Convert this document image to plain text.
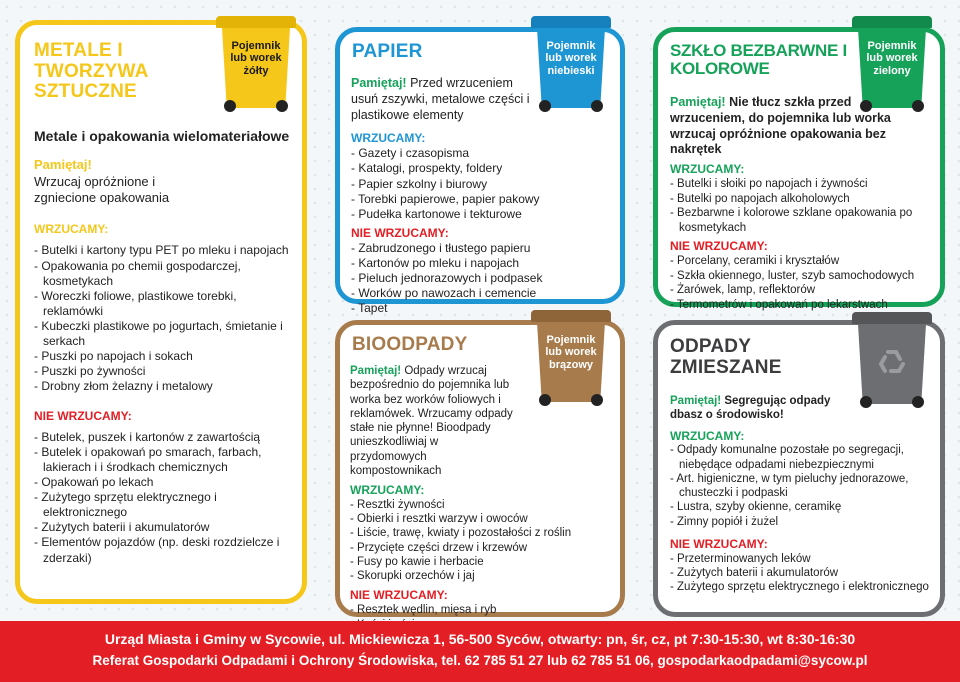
METALE I TWORZYWA SZTUCZNE
Pojemnik lub worek żółty
Metale i opakowania wielomateriałowe
Pamiętaj!
Wrzucaj opróżnione i zgniecione opakowania
WRZUCAMY:
- Butelki i kartony typu PET po mleku i napojach
- Opakowania po chemii gospodarczej, kosmetykach
- Woreczki foliowe, plastikowe torebki, reklamówki
- Kubeczki plastikowe po jogurtach, śmietanie i serkach
- Puszki po napojach i sokach
- Puszki po żywności
- Drobny złom żelazny i metalowy
NIE WRZUCAMY:
- Butelek, puszek i kartonów z zawartością
- Butelek i opakowań po smarach, farbach, lakierach i i środkach chemicznych
- Opakowań po lekach
- Zużytego sprzętu elektrycznego i elektronicznego
- Zużytych baterii i akumulatorów
- Elementów pojazdów (np. deski rozdzielcze i zderzaki)
PAPIER	Pojemnik lub worek niebieski
Pamiętaj! Przed wrzuceniem usuń zszywki, metalowe części i plastikowe elementy
WRZUCAMY:
- Gazety i czasopisma
- Katalogi, prospekty, foldery
- Papier szkolny i biurowy
- Torebki papierowe, papier pakowy
- Pudełka kartonowe i tekturowe
NIE WRZUCAMY:
- Zabrudzonego i tłustego papieru
- Kartonów po mleku i napojach
- Pieluch jednorazowych i podpasek
- Worków po nawozach i cemencie
- Tapet
SZKŁO BEZBARWNE I KOLOROWE
Pojemnik lub worek zielony
Pamiętaj! Nie tłucz szkła przed wrzuceniem, do pojemnika lub worka wrzucaj opróżnione opakowania bez nakrętek
WRZUCAMY:
- Butelki i słoiki po napojach i żywności
- Butelki po napojach alkoholowych
- Bezbarwne i kolorowe szklane opakowania po kosmetykach
NIE WRZUCAMY:
- Porcelany, ceramiki i kryształów
- Szkła okiennego, luster, szyb samochodowych
- Żarówek, lamp, reflektorów
- Termometrów i opakowań po lekarstwach
BIOODPADY	Pojemnik lub worek brązowy
Pamiętaj! Odpady wrzucaj bezpośrednio do pojemnika lub worka bez worków foliowych i reklamówek. Wrzucamy odpady stałe nie płynne! Bioodpady unieszkodliwiaj w przydomowych kompostownikach
WRZUCAMY:
- Resztki żywności
- Obierki i resztki warzyw i owoców
- Liście, trawę, kwiaty i pozostałości z roślin
- Przycięte części drzew i krzewów
- Fusy po kawie i herbacie
- Skorupki orzechów i jaj
NIE WRZUCAMY:
- Resztek wędlin, mięsa i ryb
-
ODPADY ZMIESZANE
Pamiętaj! Segregując odpady dbasz o środowisko!
WRZUCAMY:
- Odpady komunalne pozostałe po segregacji, niebędące odpadami niebezpiecznymi
- Art. higieniczne, w tym pieluchy jednorazowe, chusteczki i podpaski
- Lustra, szyby okienne, ceramikę
- Zimny popiół i żużel
NIE WRZUCAMY:
- Przeterminowanych leków
- Zużytych baterii i akumulatorów
- Zużytego sprzętu elektrycznego i elektronicznego
Urząd Miasta i Gminy w Sycowie, ul. Mickiewicza 1, 56-500 Syców, otwarty: pn, śr, cz, pt 7:30-15:30, wt 8:30-16:30
Referat Gospodarki Odpadami i Ochrony Środowiska, tel. 62 785 51 27 lub 62 785 51 06, gospodarkaodpadami@sycow.pl
